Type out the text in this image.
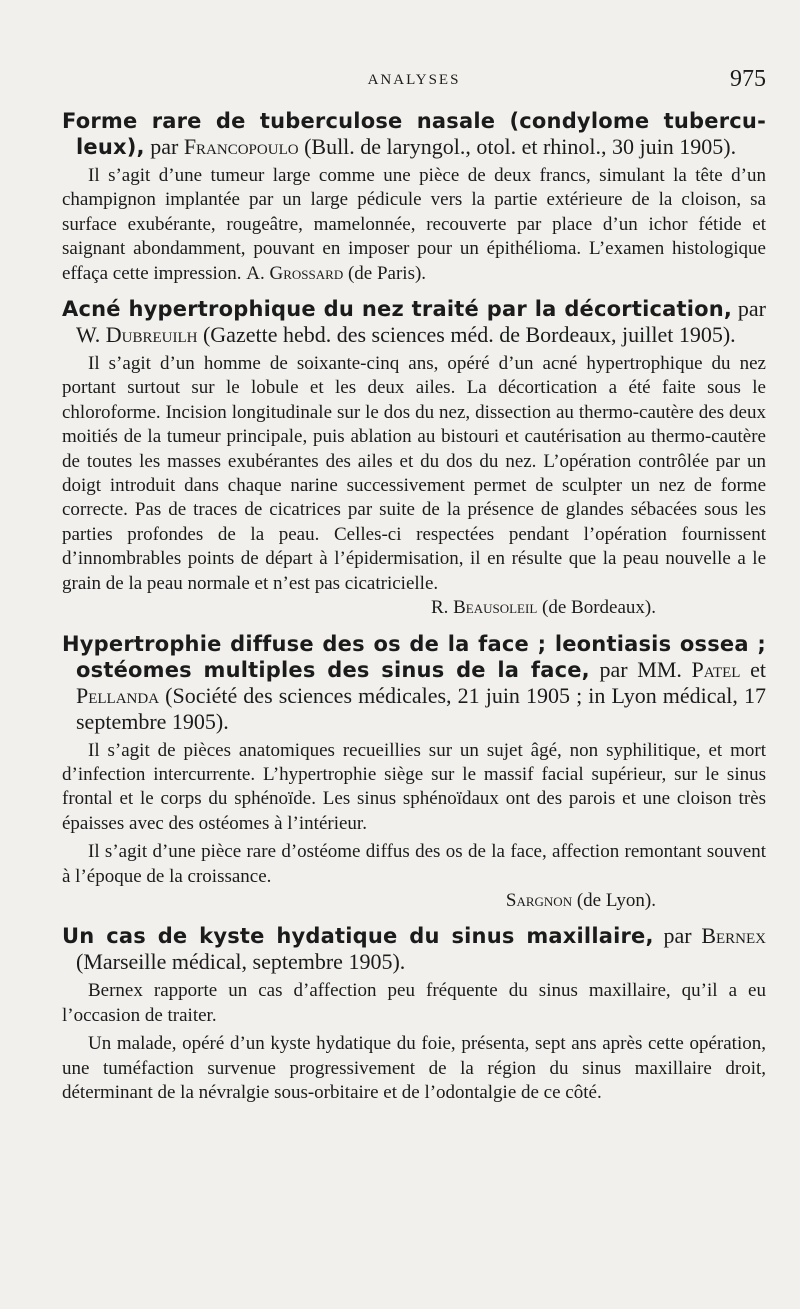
ANALYSES	975

Forme rare de tuberculose nasale (condylome tubercu-leux), par Francopoulo (Bull. de laryngol., otol. et rhinol., 30 juin 1905).

Il s’agit d’une tumeur large comme une pièce de deux francs, simulant la tête d’un champignon implantée par un large pédicule vers la partie extérieure de la cloison, sa surface exubérante, rougeâtre, mamelonnée, recouverte par place d’un ichor fétide et saignant abondamment, pouvant en imposer pour un épithélioma. L’examen histologique effaça cette impression. A. Grossard (de Paris).

Acné hypertrophique du nez traité par la décortication, par W. Dubreuilh (Gazette hebd. des sciences méd. de Bordeaux, juillet 1905).

Il s’agit d’un homme de soixante-cinq ans, opéré d’un acné hypertrophique du nez portant surtout sur le lobule et les deux ailes. La décortication a été faite sous le chloroforme. Incision longitudinale sur le dos du nez, dissection au thermo-cautère des deux moitiés de la tumeur principale, puis ablation au bistouri et cautérisation au thermo-cautère de toutes les masses exubérantes des ailes et du dos du nez. L’opération contrôlée par un doigt introduit dans chaque narine successivement permet de sculpter un nez de forme correcte. Pas de traces de cicatrices par suite de la présence de glandes sébacées sous les parties profondes de la peau. Celles-ci respectées pendant l’opération fournissent d’innombrables points de départ à l’épidermisation, il en résulte que la peau nouvelle a le grain de la peau normale et n’est pas cicatricielle.

R. Beausoleil (de Bordeaux).

Hypertrophie diffuse des os de la face ; leontiasis ossea ; ostéomes multiples des sinus de la face, par MM. Patel et Pellanda (Société des sciences médicales, 21 juin 1905 ; in Lyon médical, 17 septembre 1905).

Il s’agit de pièces anatomiques recueillies sur un sujet âgé, non syphilitique, et mort d’infection intercurrente. L’hypertrophie siège sur le massif facial supérieur, sur le sinus frontal et le corps du sphénoïde. Les sinus sphénoïdaux ont des parois et une cloison très épaisses avec des ostéomes à l’intérieur.

Il s’agit d’une pièce rare d’ostéome diffus des os de la face, affection remontant souvent à l’époque de la croissance.

Sargnon (de Lyon).

Un cas de kyste hydatique du sinus maxillaire, par Bernex (Marseille médical, septembre 1905).

Bernex rapporte un cas d’affection peu fréquente du sinus maxillaire, qu’il a eu l’occasion de traiter.

Un malade, opéré d’un kyste hydatique du foie, présenta, sept ans après cette opération, une tuméfaction survenue progressivement de la région du sinus maxillaire droit, déterminant de la névralgie sous-orbitaire et de l’odontalgie de ce côté.
